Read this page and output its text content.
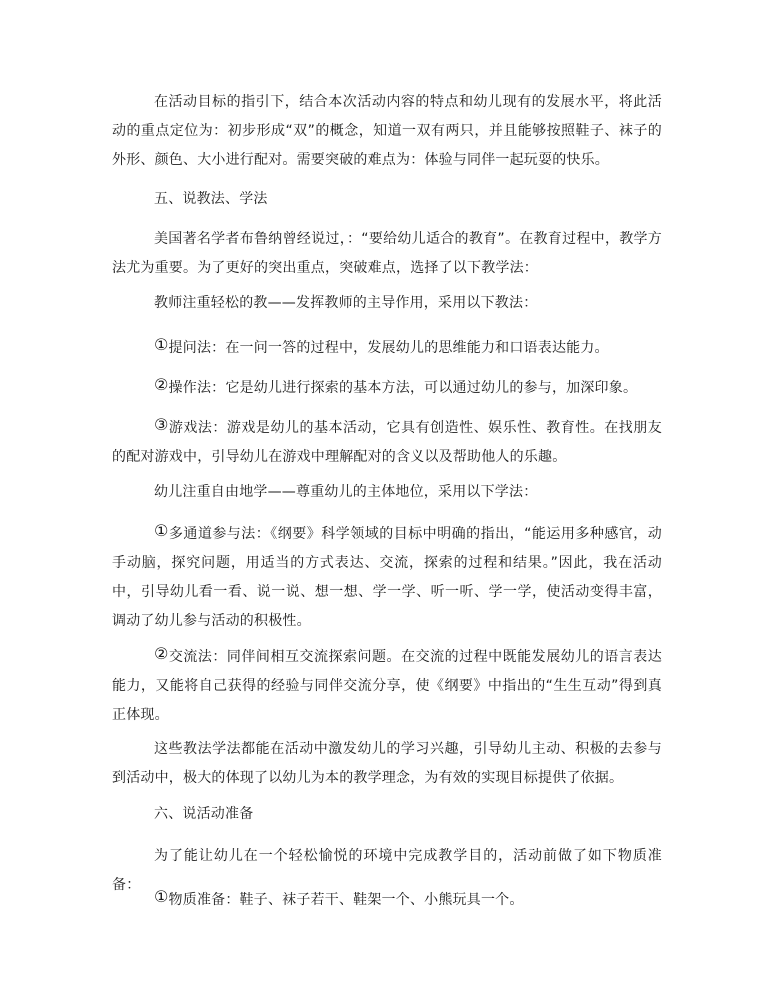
在活动目标的指引下，结合本次活动内容的特点和幼儿现有的发展水平，将此活动的重点定位为：初步形成“双”的概念，知道一双有两只，并且能够按照鞋子、袜子的外形、颜色、大小进行配对。需要突破的难点为：体验与同伴一起玩耍的快乐。

五、说教法、学法

美国著名学者布鲁纳曾经说过，：“要给幼儿适合的教育”。在教育过程中，教学方法尤为重要。为了更好的突出重点，突破难点，选择了以下教学法：

教师注重轻松的教——发挥教师的主导作用，采用以下教法：

①提问法：在一问一答的过程中，发展幼儿的思维能力和口语表达能力。

②操作法：它是幼儿进行探索的基本方法，可以通过幼儿的参与，加深印象。

③游戏法：游戏是幼儿的基本活动，它具有创造性、娱乐性、教育性。在找朋友的配对游戏中，引导幼儿在游戏中理解配对的含义以及帮助他人的乐趣。

幼儿注重自由地学——尊重幼儿的主体地位，采用以下学法：

①多通道参与法：《纲要》科学领域的目标中明确的指出，“能运用多种感官，动手动脑，探究问题，用适当的方式表达、交流，探索的过程和结果。”因此，我在活动中，引导幼儿看一看、说一说、想一想、学一学、听一听、学一学，使活动变得丰富，调动了幼儿参与活动的积极性。

②交流法：同伴间相互交流探索问题。在交流的过程中既能发展幼儿的语言表达能力，又能将自己获得的经验与同伴交流分享，使《纲要》中指出的“生生互动”得到真正体现。

这些教法学法都能在活动中激发幼儿的学习兴趣，引导幼儿主动、积极的去参与到活动中，极大的体现了以幼儿为本的教学理念，为有效的实现目标提供了依据。

六、说活动准备

为了能让幼儿在一个轻松愉悦的环境中完成教学目的，活动前做了如下物质准备：

①物质准备：鞋子、袜子若干、鞋架一个、小熊玩具一个。
